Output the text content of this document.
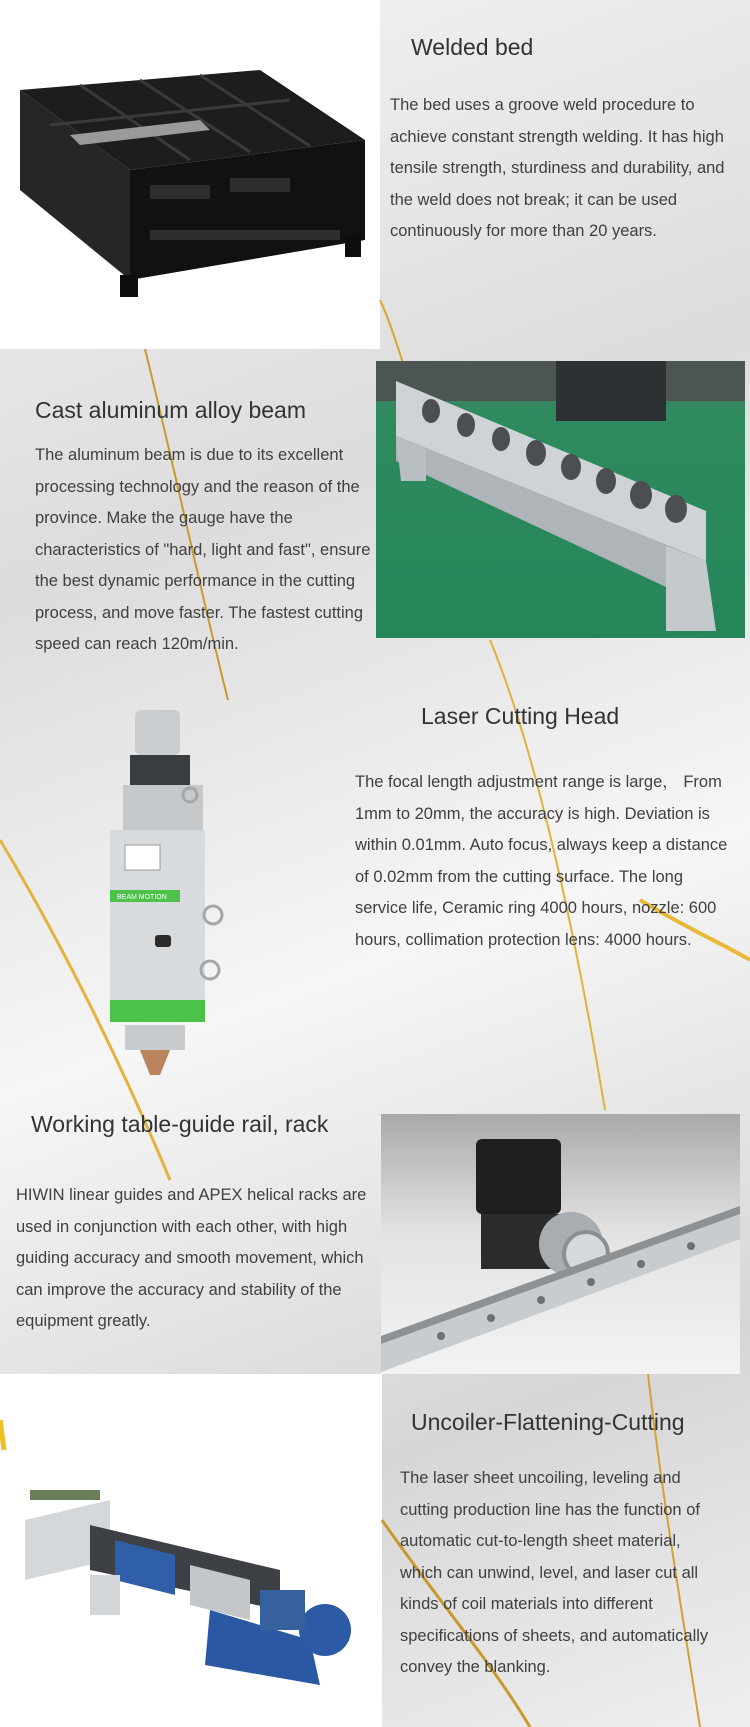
Welded bed
The bed uses a groove weld procedure to achieve constant strength welding. It has high tensile strength, sturdiness and durability, and the weld does not break; it can be used continuously for more than 20 years.
Cast aluminum alloy beam
The aluminum beam is due to its excellent processing technology and the reason of the province. Make the gauge have the characteristics of "hard, light and fast", ensure the best dynamic performance in the cutting process, and move faster. The fastest cutting speed can reach 120m/min.
BEAM MOTION
Laser Cutting Head
The focal length adjustment range is large， From 1mm to 20mm, the accuracy is high. Deviation is within 0.01mm. Auto focus, always keep a distance of 0.02mm from the cutting surface. The long service life, Ceramic ring 4000 hours, nozzle: 600 hours, collimation protection lens: 4000 hours.
Working table-guide rail, rack
HIWIN linear guides and APEX helical racks are used in conjunction with each other, with high guiding accuracy and smooth movement, which can improve the accuracy and stability of the equipment greatly.
Uncoiler-Flattening-Cutting
The laser sheet uncoiling, leveling and cutting production line has the function of automatic cut-to-length sheet material, which can unwind, level, and laser cut all kinds of coil materials into different specifications of sheets, and automatically convey the blanking.
